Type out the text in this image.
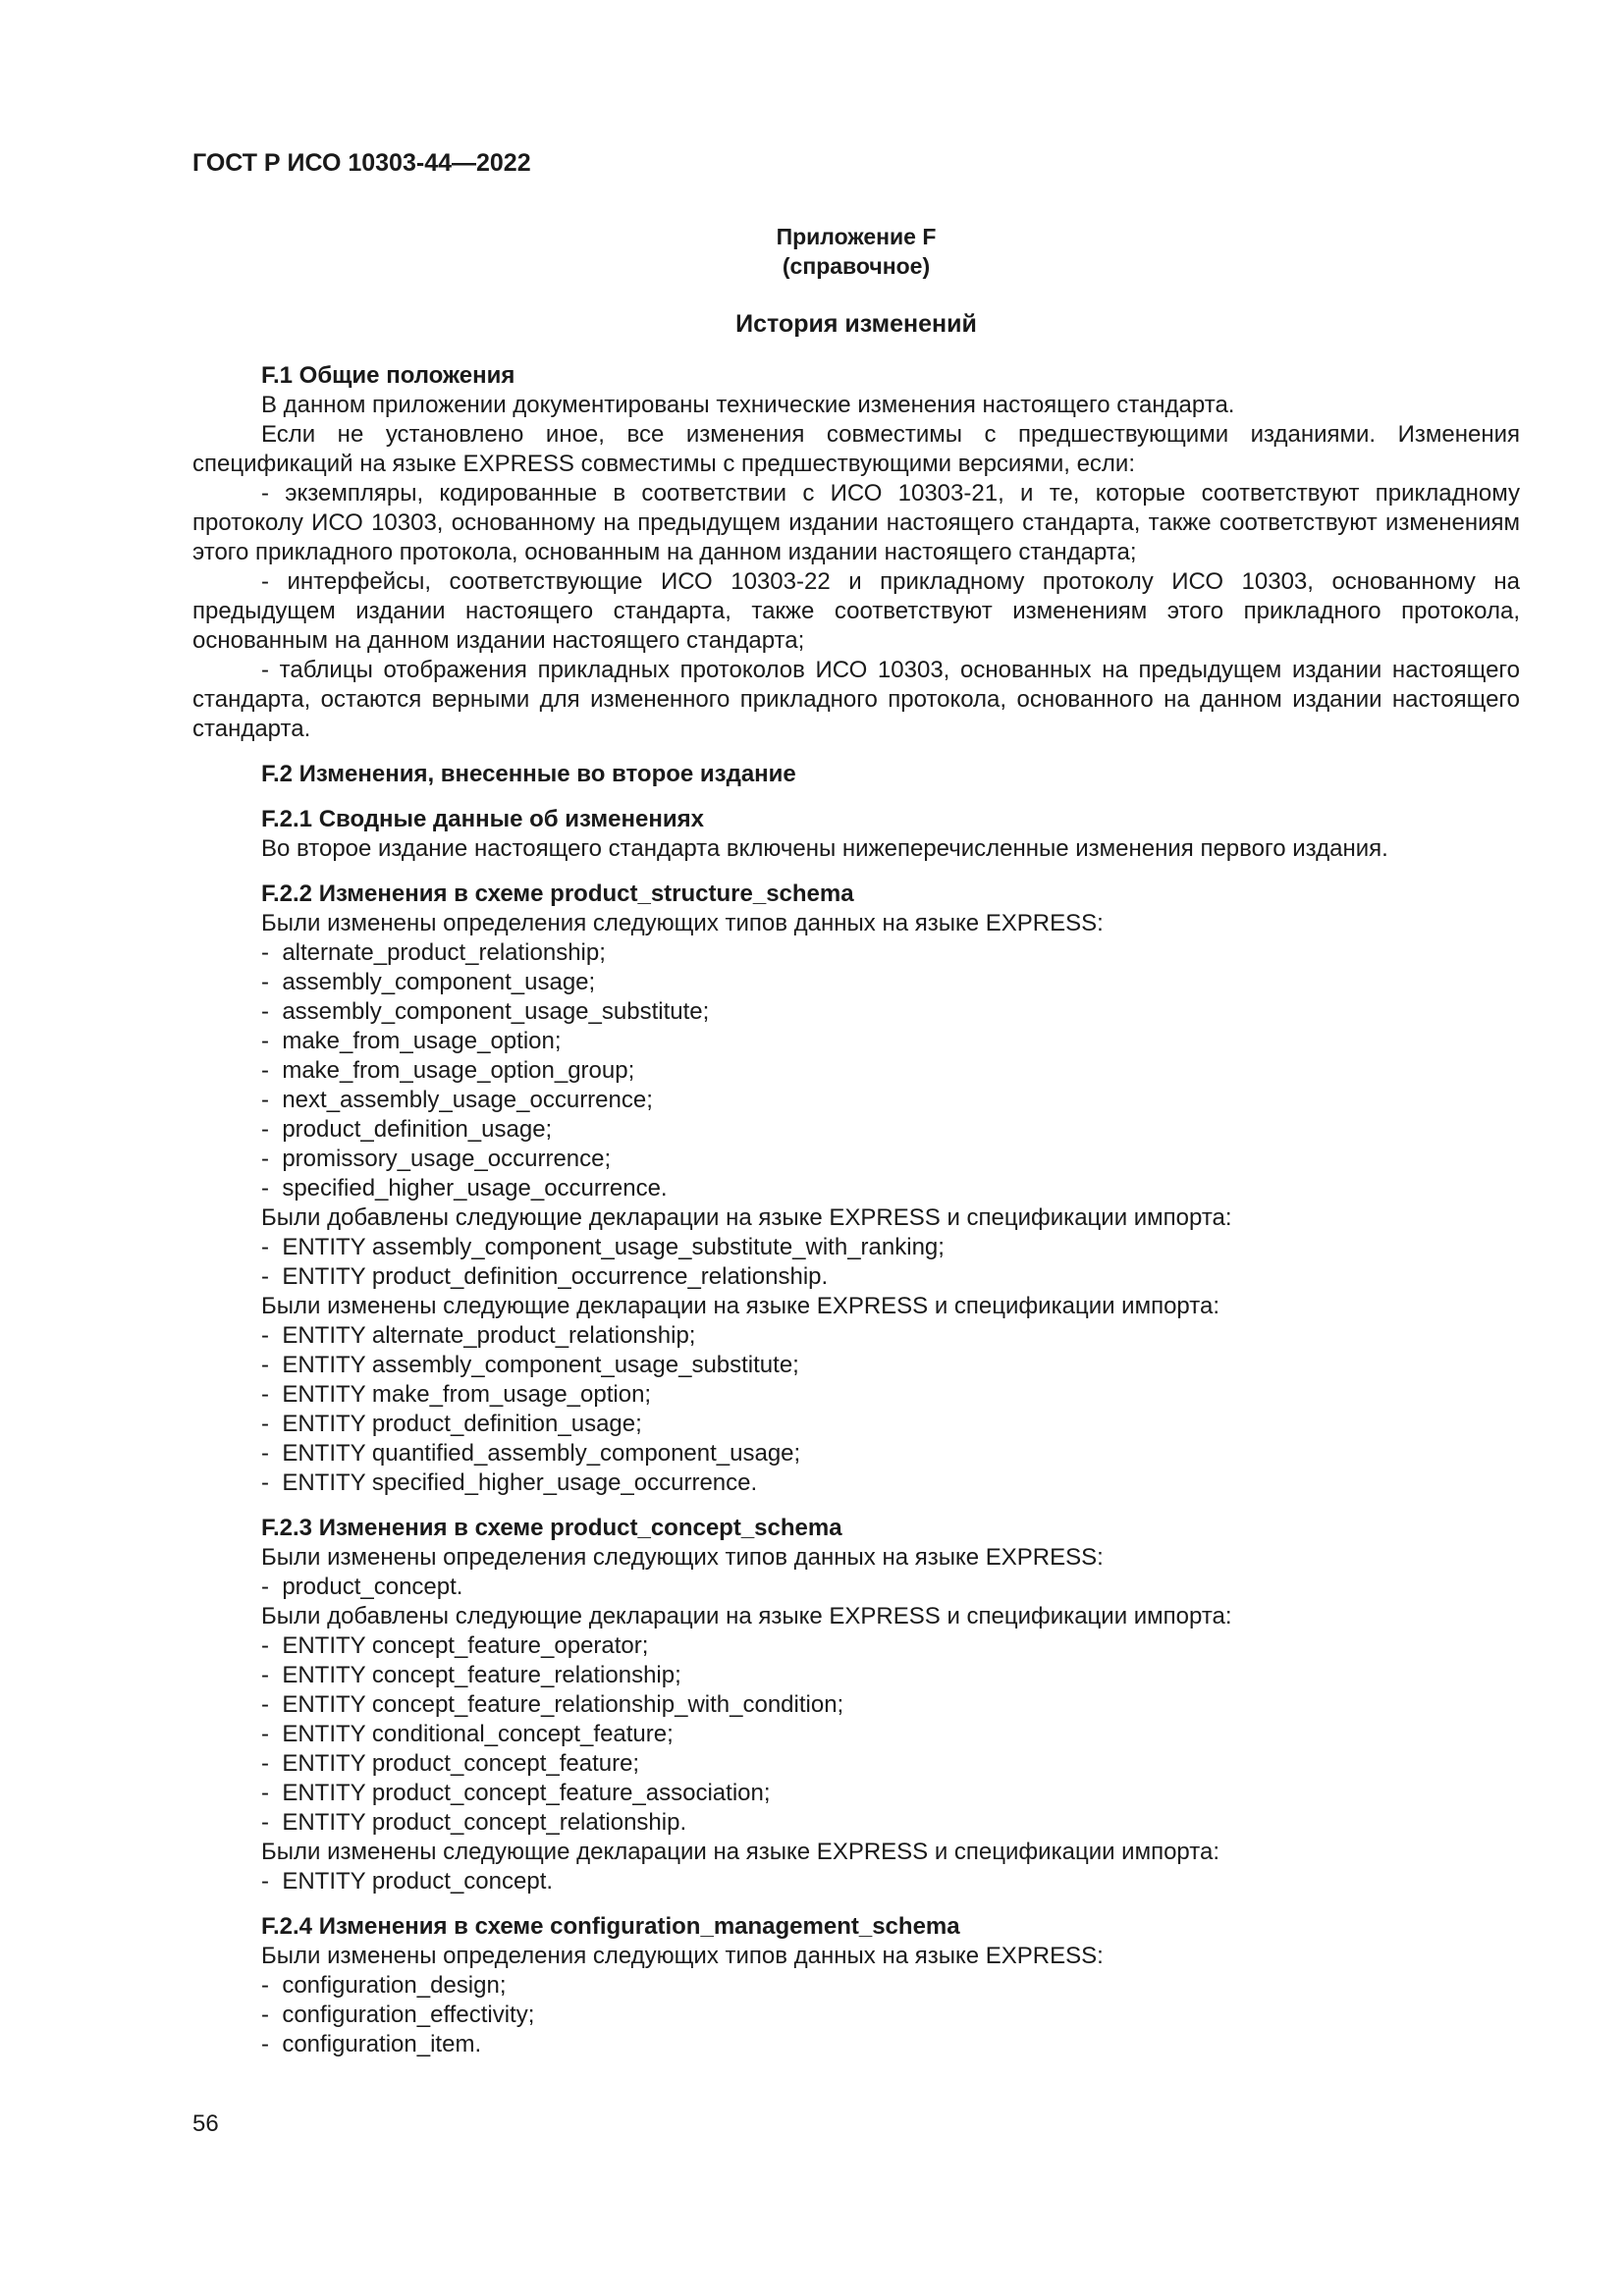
ГОСТ Р ИСО 10303-44—2022
Приложение F
(справочное)
История изменений
F.1 Общие положения

В данном приложении документированы технические изменения настоящего стандарта.

Если не установлено иное, все изменения совместимы с предшествующими изданиями. Изменения спецификаций на языке EXPRESS совместимы с предшествующими версиями, если:

- экземпляры, кодированные в соответствии с ИСО 10303-21, и те, которые соответствуют прикладному протоколу ИСО 10303, основанному на предыдущем издании настоящего стандарта, также соответствуют изменениям этого прикладного протокола, основанным на данном издании настоящего стандарта;

- интерфейсы, соответствующие ИСО 10303-22 и прикладному протоколу ИСО 10303, основанному на предыдущем издании настоящего стандарта, также соответствуют изменениям этого прикладного протокола, основанным на данном издании настоящего стандарта;

- таблицы отображения прикладных протоколов ИСО 10303, основанных на предыдущем издании настоящего стандарта, остаются верными для измененного прикладного протокола, основанного на данном издании настоящего стандарта.

F.2 Изменения, внесенные во второе издание
F.2.1 Сводные данные об изменениях
Во второе издание настоящего стандарта включены нижеперечисленные изменения первого издания.
F.2.2 Изменения в схеме product_structure_schema
Были изменены определения следующих типов данных на языке EXPRESS:
-  alternate_product_relationship;
-  assembly_component_usage;
-  assembly_component_usage_substitute;
-  make_from_usage_option;
-  make_from_usage_option_group;
-  next_assembly_usage_occurrence;
-  product_definition_usage;
-  promissory_usage_occurrence;
-  specified_higher_usage_occurrence.
Были добавлены следующие декларации на языке EXPRESS и спецификации импорта:
-  ENTITY assembly_component_usage_substitute_with_ranking;
-  ENTITY product_definition_occurrence_relationship.
Были изменены следующие декларации на языке EXPRESS и спецификации импорта:
-  ENTITY alternate_product_relationship;
-  ENTITY assembly_component_usage_substitute;
-  ENTITY make_from_usage_option;
-  ENTITY product_definition_usage;
-  ENTITY quantified_assembly_component_usage;
-  ENTITY specified_higher_usage_occurrence.
F.2.3 Изменения в схеме product_concept_schema
Были изменены определения следующих типов данных на языке EXPRESS:
-  product_concept.
Были добавлены следующие декларации на языке EXPRESS и спецификации импорта:
-  ENTITY concept_feature_operator;
-  ENTITY concept_feature_relationship;
-  ENTITY concept_feature_relationship_with_condition;
-  ENTITY conditional_concept_feature;
-  ENTITY product_concept_feature;
-  ENTITY product_concept_feature_association;
-  ENTITY product_concept_relationship.
Были изменены следующие декларации на языке EXPRESS и спецификации импорта:
-  ENTITY product_concept.
F.2.4 Изменения в схеме configuration_management_schema
Были изменены определения следующих типов данных на языке EXPRESS:
-  configuration_design;
-  configuration_effectivity;
-  configuration_item.
56
